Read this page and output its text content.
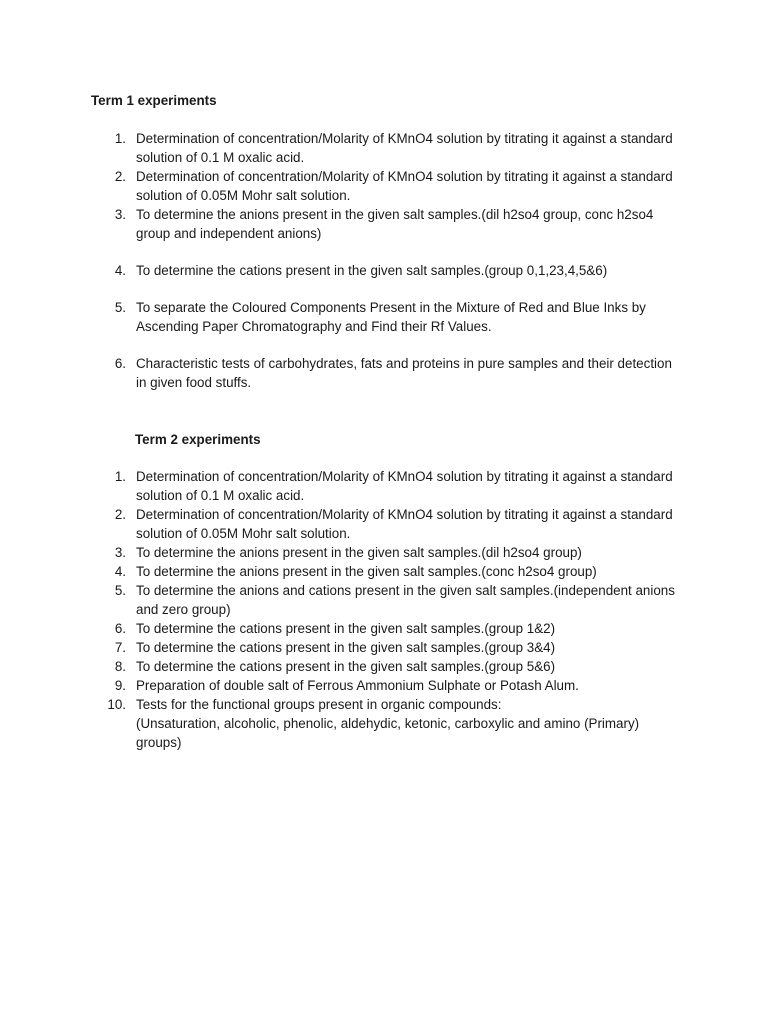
Term 1 experiments
1. Determination of concentration/Molarity of KMnO4 solution by titrating it against a standard solution of 0.1 M oxalic acid.
2. Determination of concentration/Molarity of KMnO4 solution by titrating it against a standard solution of 0.05M Mohr salt solution.
3. To determine the anions present in the given salt samples.(dil h2so4 group, conc h2so4 group and independent anions)
4. To determine the cations present in the given salt samples.(group 0,1,23,4,5&6)
5. To separate the Coloured Components Present in the Mixture of Red and Blue Inks by Ascending Paper Chromatography and Find their Rf Values.
6. Characteristic tests of carbohydrates, fats and proteins in pure samples and their detection in given food stuffs.
Term 2 experiments
1. Determination of concentration/Molarity of KMnO4 solution by titrating it against a standard solution of 0.1 M oxalic acid.
2. Determination of concentration/Molarity of KMnO4 solution by titrating it against a standard solution of 0.05M Mohr salt solution.
3. To determine the anions present in the given salt samples.(dil h2so4 group)
4. To determine the anions present in the given salt samples.(conc h2so4 group)
5. To determine the anions and cations present in the given salt samples.(independent anions and zero group)
6. To determine the cations present in the given salt samples.(group 1&2)
7. To determine the cations present in the given salt samples.(group 3&4)
8. To determine the cations present in the given salt samples.(group 5&6)
9. Preparation of double salt of Ferrous Ammonium Sulphate or Potash Alum.
10. Tests for the functional groups present in organic compounds:
(Unsaturation, alcoholic, phenolic, aldehydic, ketonic, carboxylic and amino (Primary) groups)
